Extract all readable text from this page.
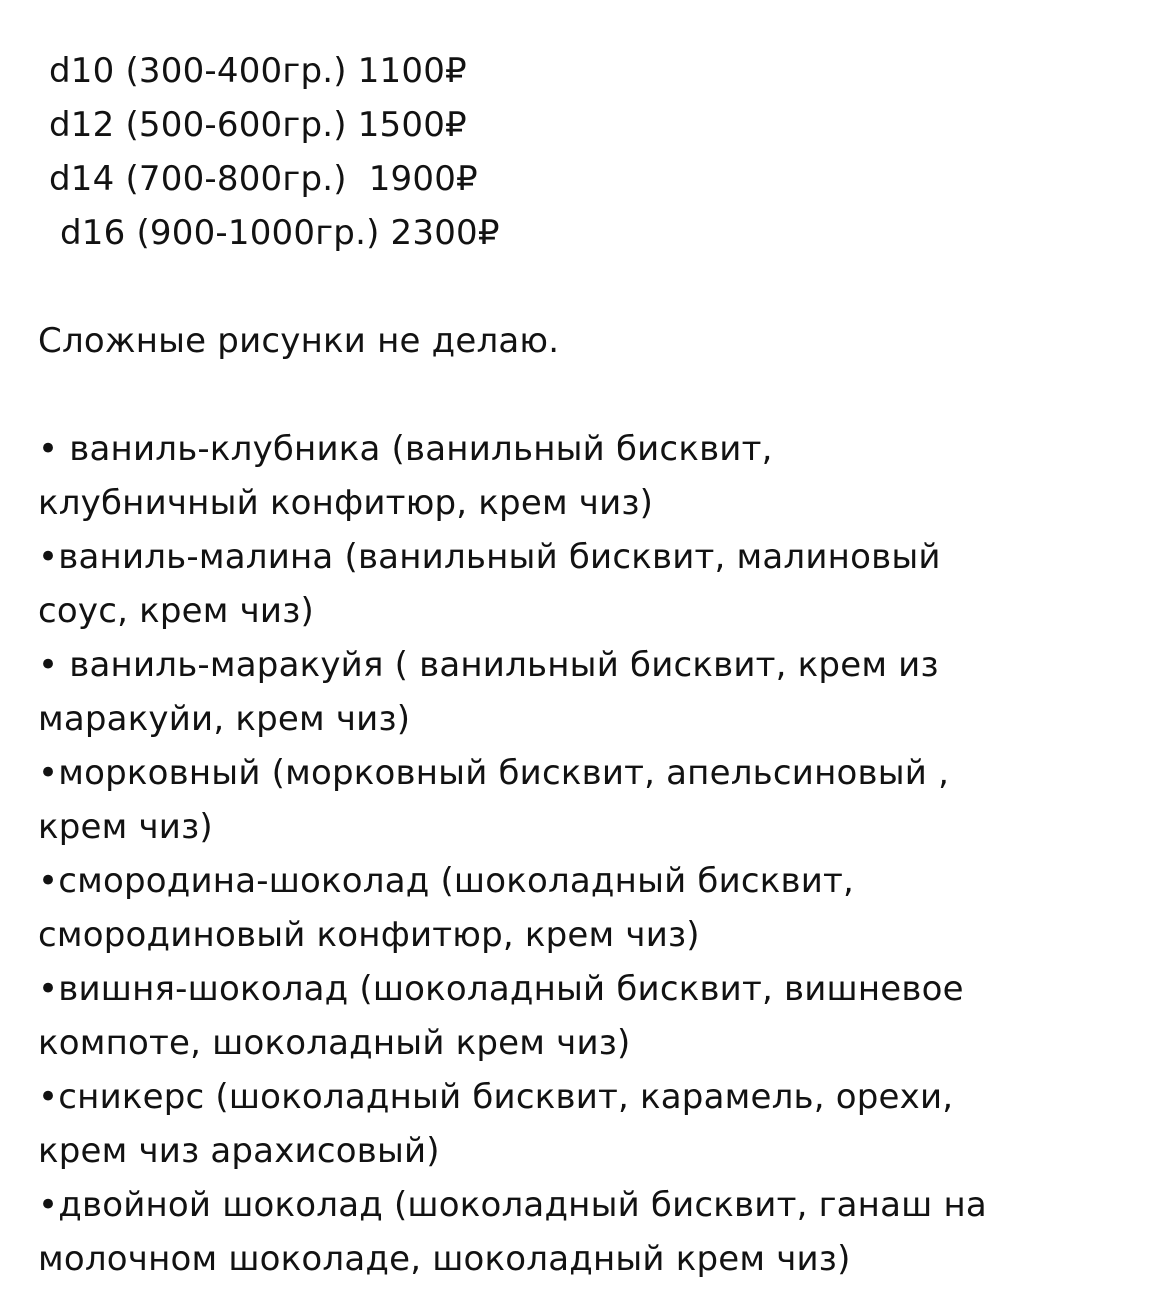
d10 (300-400гр.) 1100₽
d12 (500-600гр.) 1500₽
d14 (700-800гр.)  1900₽
d16 (900-1000гр.) 2300₽
Сложные рисунки не делаю.
• ваниль-клубника (ванильный бисквит,
клубничный конфитюр, крем чиз)
•ваниль-малина (ванильный бисквит, малиновый
соус, крем чиз)
• ваниль-маракуйя ( ванильный бисквит, крем из
маракуйи, крем чиз)
•морковный (морковный бисквит, апельсиновый ,
крем чиз)
•смородина-шоколад (шоколадный бисквит,
смородиновый конфитюр, крем чиз)
•вишня-шоколад (шоколадный бисквит, вишневое
компоте, шоколадный крем чиз)
•сникерс (шоколадный бисквит, карамель, орехи,
крем чиз арахисовый)
•двойной шоколад (шоколадный бисквит, ганаш на
молочном шоколаде, шоколадный крем чиз)
